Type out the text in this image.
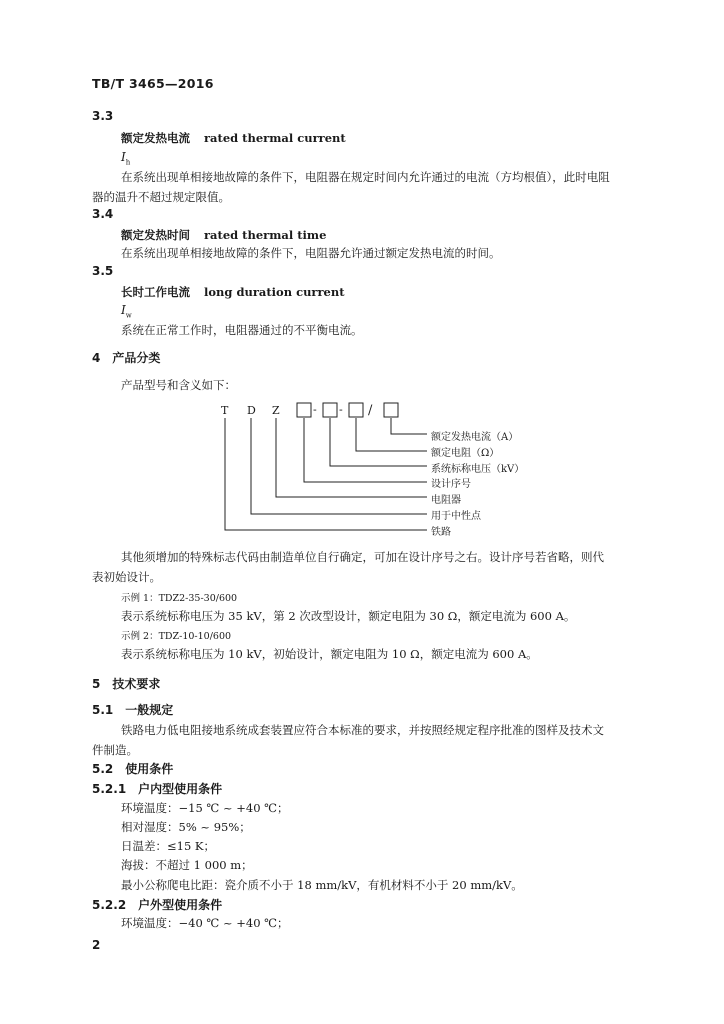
TB/T 3465—2016
3.3
额定发热电流 rated thermal current
$I_h$
在系统出现单相接地故障的条件下，电阻器在规定时间内允许通过的电流（方均根值），此时电阻
器的温升不超过规定限值。
3.4
额定发热时间 rated thermal time
在系统出现单相接地故障的条件下，电阻器允许通过额定发热电流的时间。
3.5
长时工作电流 long duration current
$I_w$
系统在正常工作时，电阻器通过的不平衡电流。
4　产品分类
产品型号和含义如下：
T D Z	- - /
额定发热电流（A）
额定电阻（Ω）
系统标称电压（kV）
设计序号
电阻器
用于中性点
铁路
其他须增加的特殊标志代码由制造单位自行确定，可加在设计序号之右。设计序号若省略，则代
表初始设计。
示例 1：TDZ2-35-30/600
表示系统标称电压为 35 kV，第 2 次改型设计，额定电阻为 30 Ω，额定电流为 600 A。
示例 2：TDZ-10-10/600
表示系统标称电压为 10 kV，初始设计，额定电阻为 10 Ω，额定电流为 600 A。
5　技术要求
5.1　一般规定
铁路电力低电阻接地系统成套装置应符合本标准的要求，并按照经规定程序批准的图样及技术文
件制造。
5.2　使用条件
5.2.1　户内型使用条件
环境温度：−15 ℃ ~ +40 ℃；
相对湿度：5% ~ 95%；
日温差：≤15 K；
海拔：不超过 1 000 m；
最小公称爬电比距：瓷介质不小于 18 mm/kV，有机材料不小于 20 mm/kV。
5.2.2　户外型使用条件
环境温度：−40 ℃ ~ +40 ℃；
2
